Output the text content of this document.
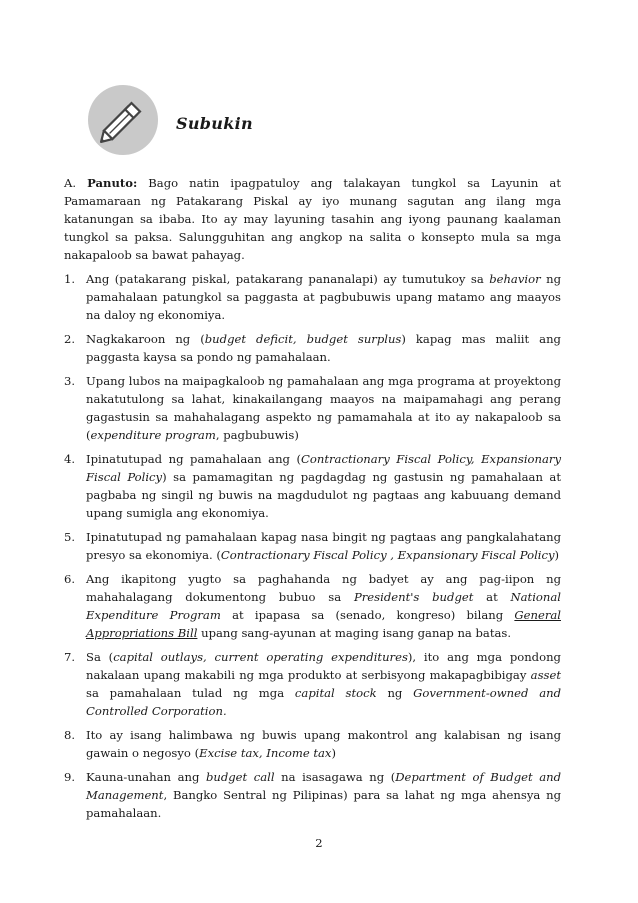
Subukin

A. Panuto: Bago natin ipagpatuloy ang talakayan tungkol sa Layunin at Pamamaraan ng Patakarang Piskal ay iyo munang sagutan ang ilang mga katanungan sa ibaba. Ito ay may layuning tasahin ang iyong paunang kaalaman tungkol sa paksa. Salungguhitan ang angkop na salita o konsepto mula sa mga nakapaloob sa bawat pahayag.

1. Ang (patakarang piskal, patakarang pananalapi) ay tumutukoy sa behavior ng pamahalaan patungkol sa paggasta at pagbubuwis upang matamo ang maayos na daloy ng ekonomiya.
2. Nagkakaroon ng (budget deficit, budget surplus) kapag mas maliit ang paggasta kaysa sa pondo ng pamahalaan.
3. Upang lubos na maipagkaloob ng pamahalaan ang mga programa at proyektong nakatutulong sa lahat, kinakailangang maayos na maipamahagi ang perang gagastusin sa mahahalagang aspekto ng pamamahala at ito ay nakapaloob sa (expenditure program, pagbubuwis)
4. Ipinatutupad ng pamahalaan ang (Contractionary Fiscal Policy, Expansionary Fiscal Policy) sa pamamagitan ng pagdagdag ng gastusin ng pamahalaan at pagbaba ng singil ng buwis na magdudulot ng pagtaas ang kabuuang demand upang sumigla ang ekonomiya.
5. Ipinatutupad ng pamahalaan kapag nasa bingit ng pagtaas ang pangkalahatang presyo sa ekonomiya. (Contractionary Fiscal Policy , Expansionary Fiscal Policy)
6. Ang ikapitong yugto sa paghahanda ng badyet ay ang pag-iipon ng mahahalagang dokumentong bubuo sa President's budget at National Expenditure Program at ipapasa sa (senado, kongreso) bilang General Appropriations Bill upang sang-ayunan at maging isang ganap na batas.
7. Sa (capital outlays, current operating expenditures), ito ang mga pondong nakalaan upang makabili ng mga produkto at serbisyong makapagbibigay asset sa pamahalaan tulad ng mga capital stock ng Government-owned and Controlled Corporation.
8. Ito ay isang halimbawa ng buwis upang makontrol ang kalabisan ng isang gawain o negosyo (Excise tax, Income tax)
9. Kauna-unahan ang budget call na isasagawa ng (Department of Budget and Management, Bangko Sentral ng Pilipinas) para sa lahat ng mga ahensya ng pamahalaan.
2
